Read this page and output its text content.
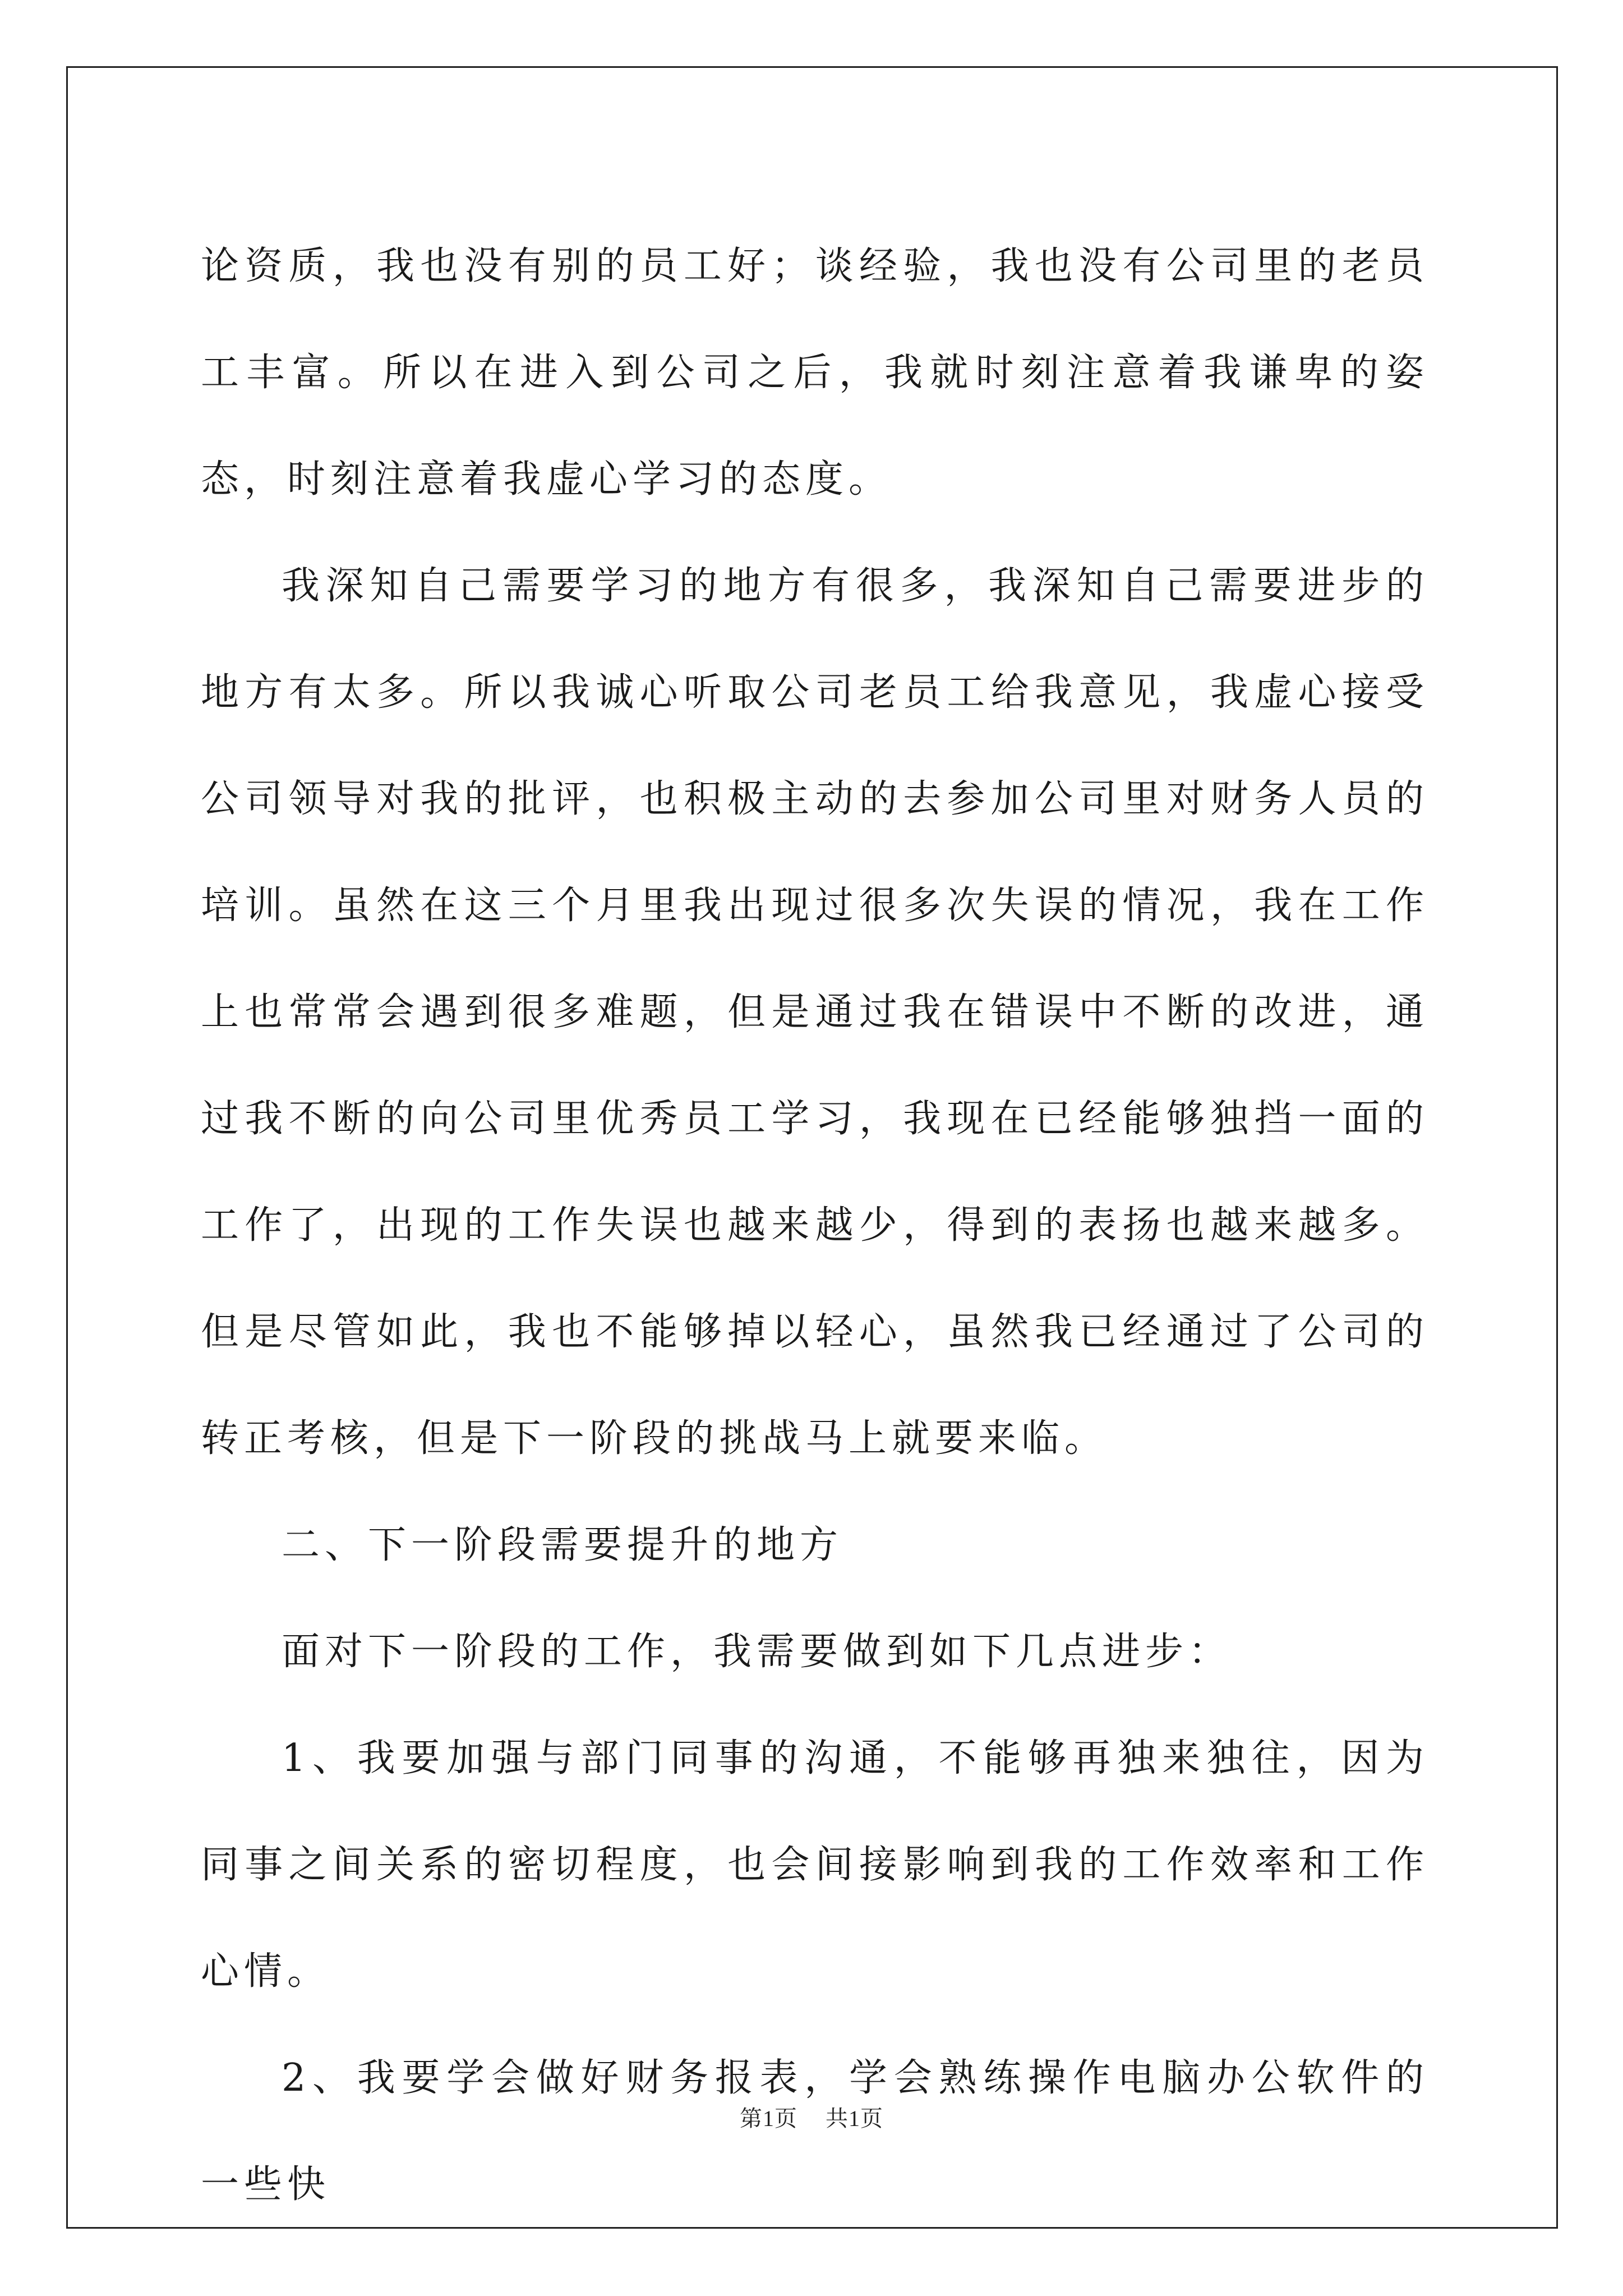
论资质，我也没有别的员工好；谈经验，我也没有公司里的老员工丰富。所以在进入到公司之后，我就时刻注意着我谦卑的姿态，时刻注意着我虚心学习的态度。

我深知自己需要学习的地方有很多，我深知自己需要进步的地方有太多。所以我诚心听取公司老员工给我意见，我虚心接受公司领导对我的批评，也积极主动的去参加公司里对财务人员的培训。虽然在这三个月里我出现过很多次失误的情况，我在工作上也常常会遇到很多难题，但是通过我在错误中不断的改进，通过我不断的向公司里优秀员工学习，我现在已经能够独挡一面的工作了，出现的工作失误也越来越少，得到的表扬也越来越多。但是尽管如此，我也不能够掉以轻心，虽然我已经通过了公司的转正考核，但是下一阶段的挑战马上就要来临。

二、下一阶段需要提升的地方

面对下一阶段的工作，我需要做到如下几点进步：

1、我要加强与部门同事的沟通，不能够再独来独往，因为同事之间关系的密切程度，也会间接影响到我的工作效率和工作心情。

2、我要学会做好财务报表，学会熟练操作电脑办公软件的一些快

第1页 共1页
